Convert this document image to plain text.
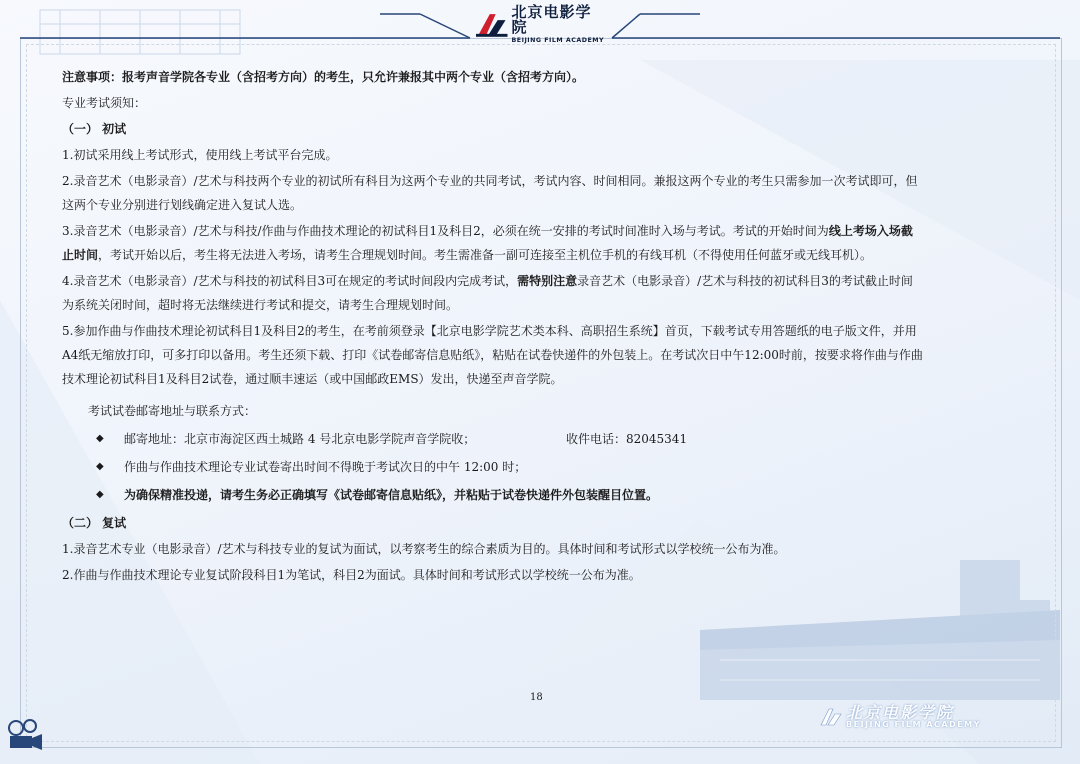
北京电影学院
BEIJING FILM ACADEMY
注意事项：报考声音学院各专业（含招考方向）的考生，只允许兼报其中两个专业（含招考方向）。
专业考试须知：
（一） 初试
1.初试采用线上考试形式，使用线上考试平台完成。
2.录音艺术（电影录音）/艺术与科技两个专业的初试所有科目为这两个专业的共同考试，考试内容、时间相同。兼报这两个专业的考生只需参加一次考试即可，但
这两个专业分别进行划线确定进入复试人选。
3.录音艺术（电影录音）/艺术与科技/作曲与作曲技术理论的初试科目1及科目2，必须在统一安排的考试时间准时入场与考试。考试的开始时间为线上考场入场截
止时间，考试开始以后，考生将无法进入考场，请考生合理规划时间。考生需准备一副可连接至主机位手机的有线耳机（不得使用任何蓝牙或无线耳机）。
4.录音艺术（电影录音）/艺术与科技的初试科目3可在规定的考试时间段内完成考试，需特别注意录音艺术（电影录音）/艺术与科技的初试科目3的考试截止时间
为系统关闭时间，超时将无法继续进行考试和提交，请考生合理规划时间。
5.参加作曲与作曲技术理论初试科目1及科目2的考生，在考前须登录【北京电影学院艺术类本科、高职招生系统】首页，下载考试专用答题纸的电子版文件，并用
A4纸无缩放打印，可多打印以备用。考生还须下载、打印《试卷邮寄信息贴纸》，粘贴在试卷快递件的外包装上。在考试次日中午12:00时前，按要求将作曲与作曲
技术理论初试科目1及科目2试卷，通过顺丰速运（或中国邮政EMS）发出，快递至声音学院。
考试试卷邮寄地址与联系方式：
◆ 邮寄地址：北京市海淀区西土城路 4 号北京电影学院声音学院收；	收件电话：82045341
◆ 作曲与作曲技术理论专业试卷寄出时间不得晚于考试次日的中午 12:00 时；
◆ 为确保精准投递，请考生务必正确填写《试卷邮寄信息贴纸》，并粘贴于试卷快递件外包装醒目位置。
（二） 复试
1.录音艺术专业（电影录音）/艺术与科技专业的复试为面试，以考察考生的综合素质为目的。具体时间和考试形式以学校统一公布为准。
2.作曲与作曲技术理论专业复试阶段科目1为笔试，科目2为面试。具体时间和考试形式以学校统一公布为准。
18
北京电影学院
BEIJING FILM ACADEMY
